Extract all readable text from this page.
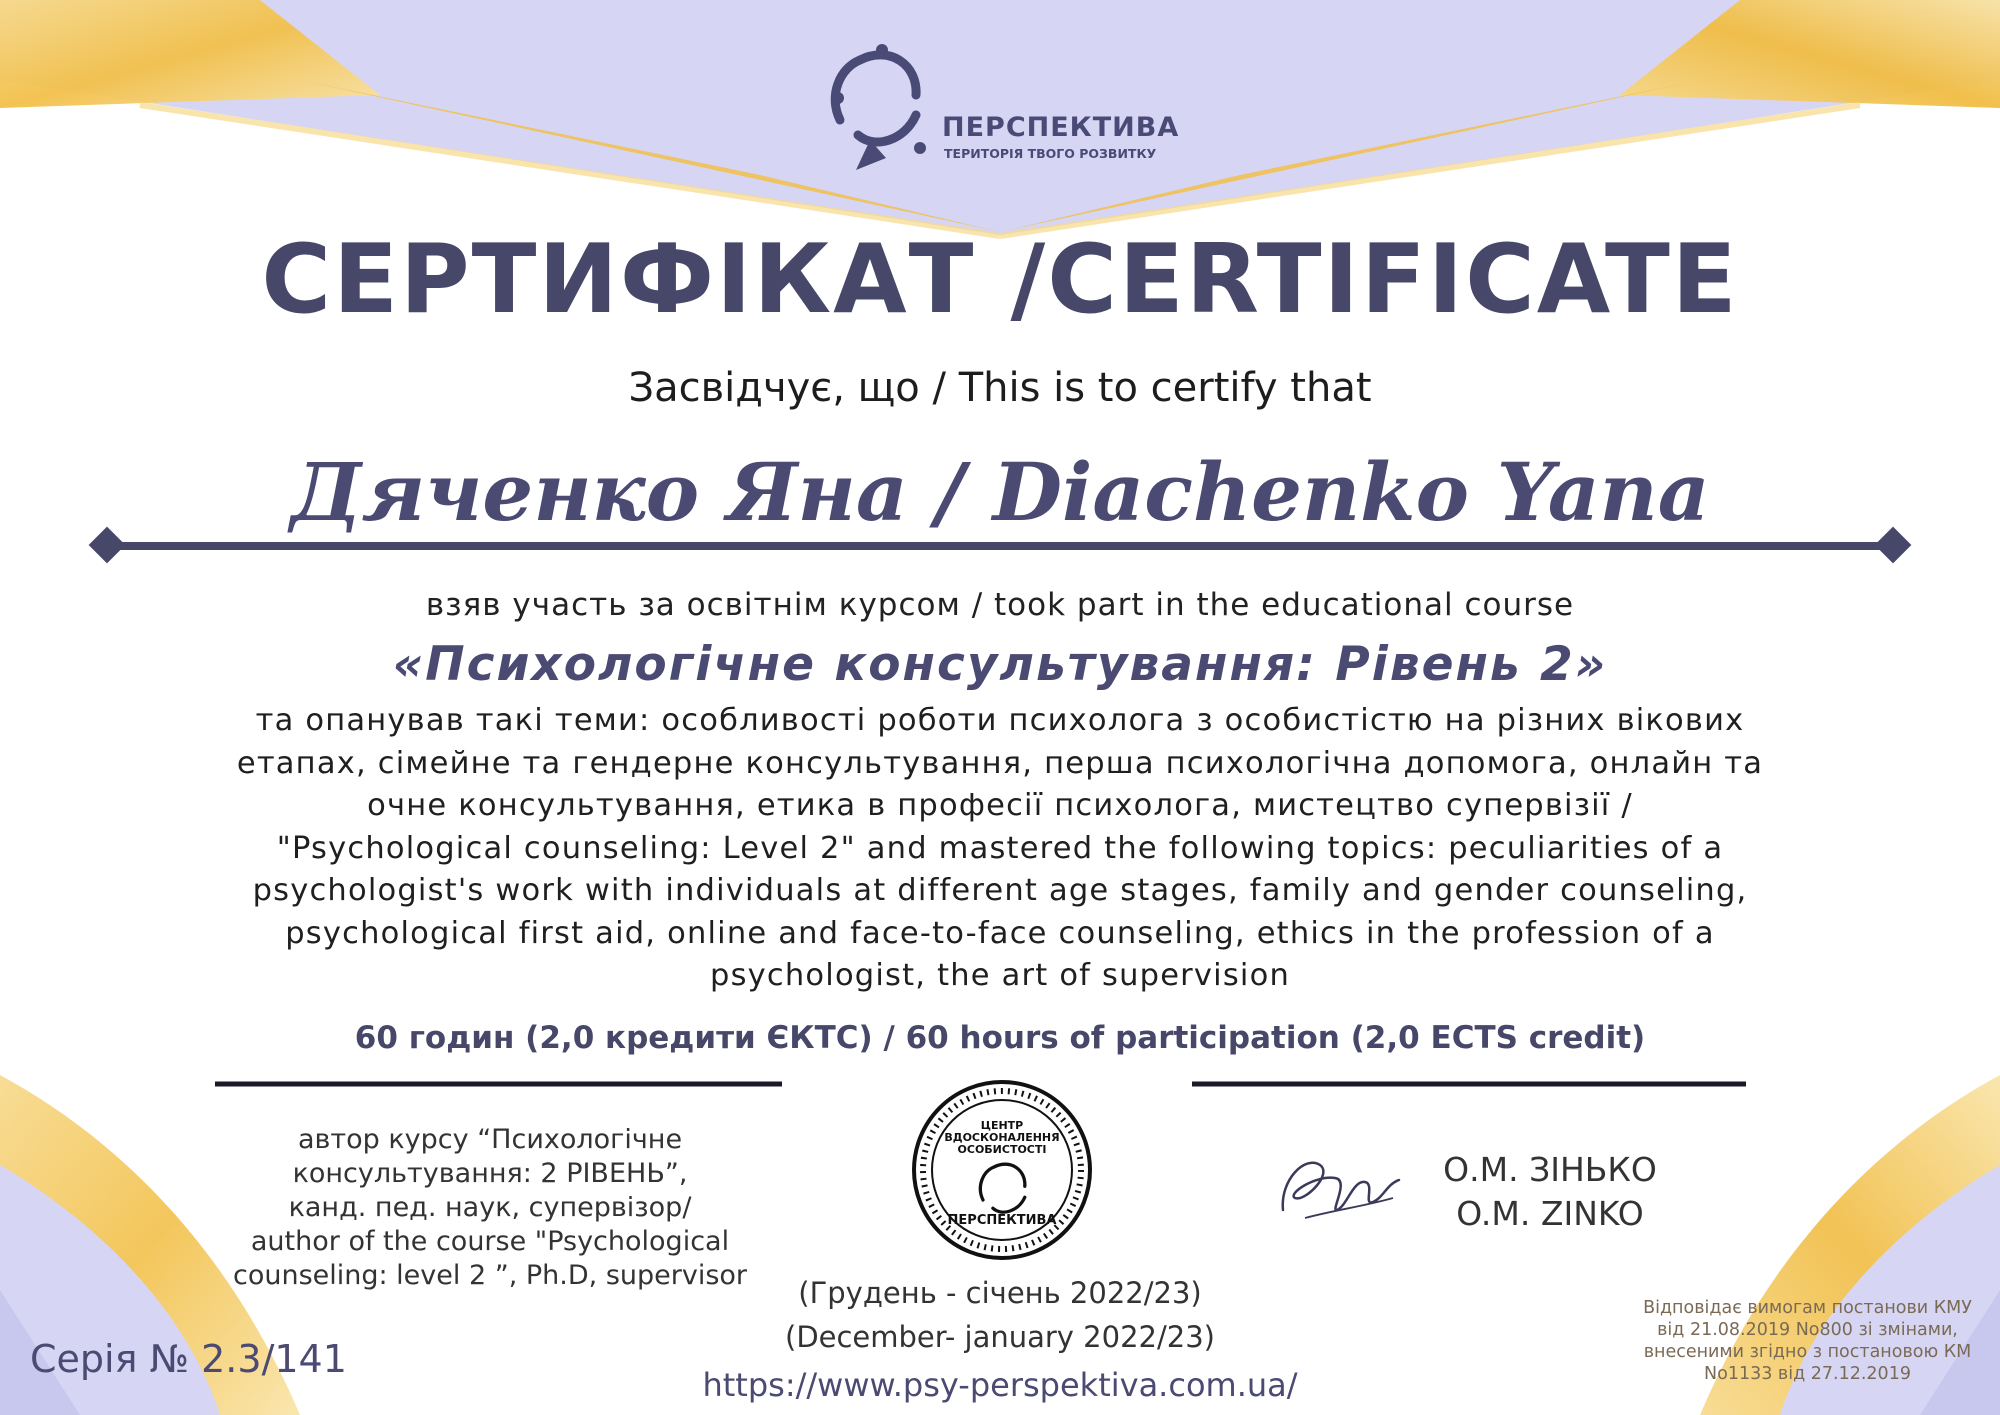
ПЕРСПЕКТИВА
ТЕРИТОРІЯ ТВОГО РОЗВИТКУ
СЕРТИФІКАТ /CERTIFICATE
Засвідчує, що / This is to certify that
Дяченко Яна / Diachenko Yana
взяв участь за освітнім курсом / took part in the educational course
«Психологічне консультування: Рівень 2»
та опанував такі теми: особливості роботи психолога з особистістю на різних вікових
етапах, сімейне та гендерне консультування, перша психологічна допомога, онлайн та
очне консультування, етика в професії психолога, мистецтво супервізії /
"Psychological counseling: Level 2" and mastered the following topics: peculiarities of a
psychologist's work with individuals at different age stages, family and gender counseling,
psychological first aid, online and face-to-face counseling, ethics in the profession of a
psychologist, the art of supervision
60 годин (2,0 кредити ЄКТС) / 60 hours of participation (2,0 ECTS credit)
автор курсу “Психологічне
консультування: 2 РІВЕНЬ”,
канд. пед. наук, супервізор/
author of the course "Psychological
counseling: level 2 ”, Ph.D, supervisor
ЦЕНТР
ВДОСКОНАЛЕННЯ
ОСОБИСТОСТІ
ПЕРСПЕКТИВА
(Грудень - січень 2022/23)
(December- january 2022/23)
https://www.psy-perspektiva.com.ua/
О.М. ЗІНЬКО
O.M. ZINKO
Серія № 2.3/141
Відповідає вимогам постанови КМУ
від 21.08.2019 No800 зі змінами,
внесеними згідно з постановою КМ
No1133 від 27.12.2019
